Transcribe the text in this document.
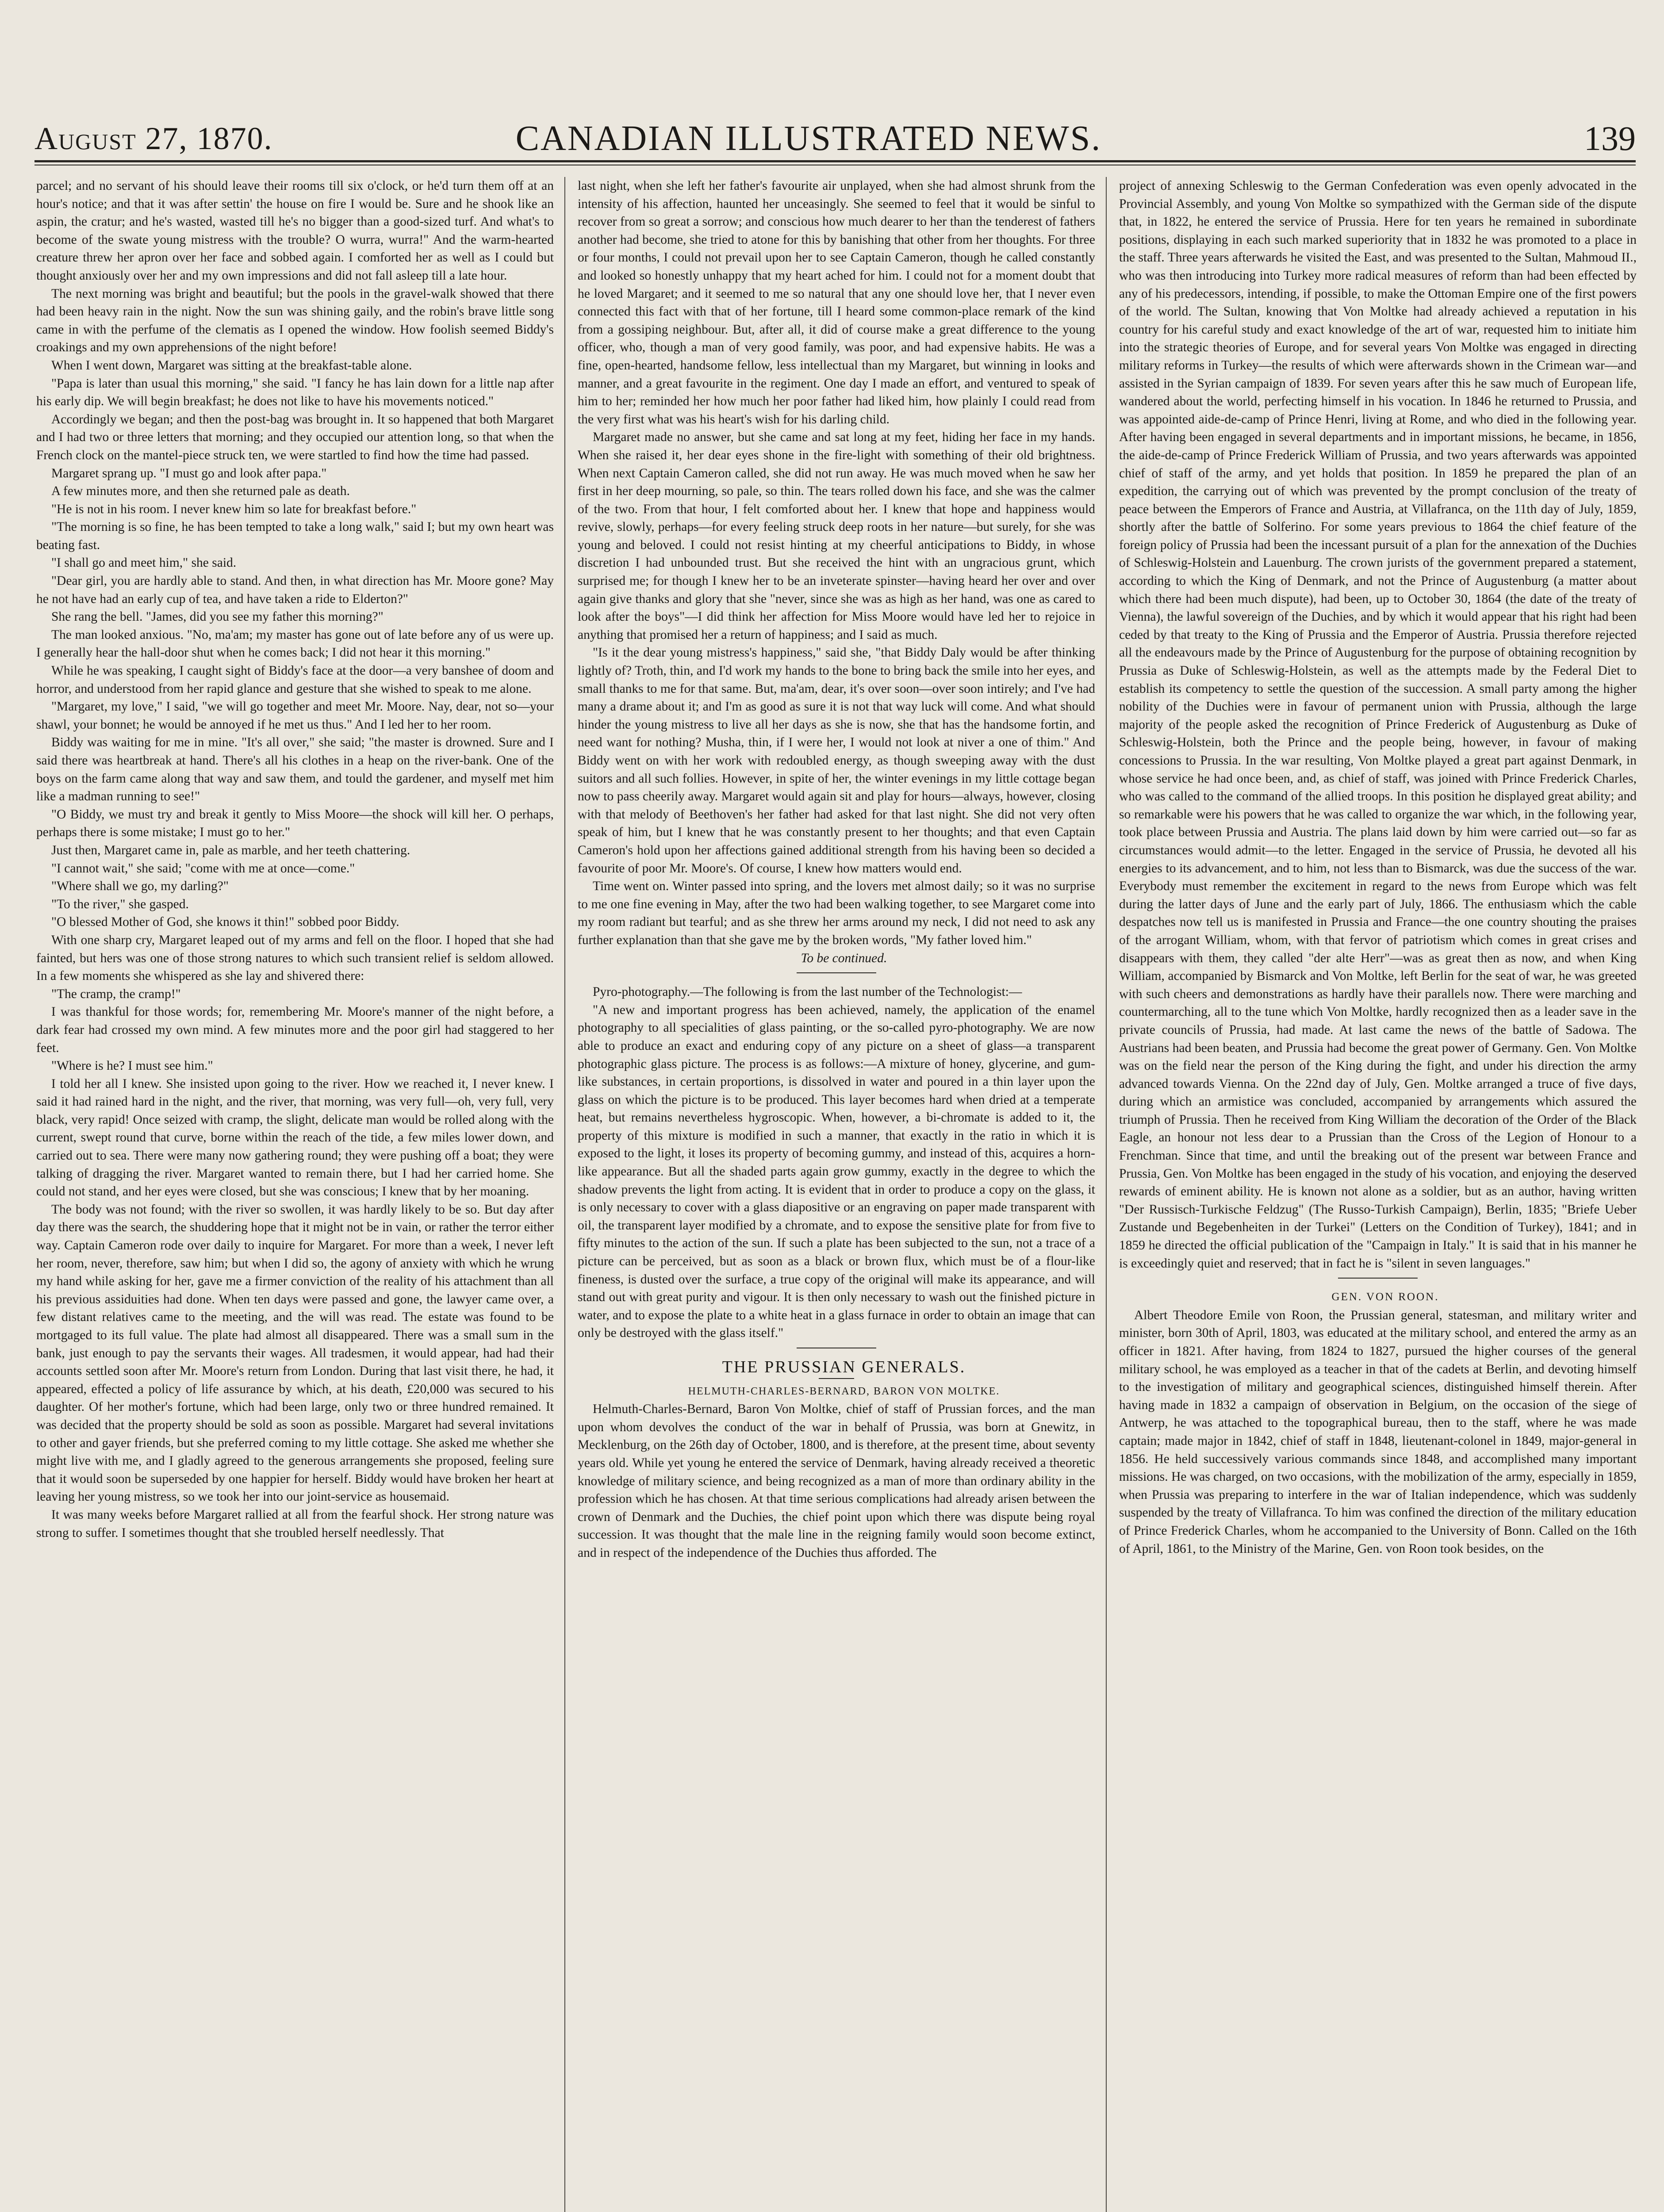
August 27, 1870.	CANADIAN ILLUSTRATED NEWS.	139

parcel; and no servant of his should leave their rooms till six o'clock, or he'd turn them off at an hour's notice; and that it was after settin' the house on fire I would be. Sure and he shook like an aspin, the cratur; and he's wasted, wasted till he's no bigger than a good-sized turf. And what's to become of the swate young mistress with the trouble? O wurra, wurra!" And the warm-hearted creature threw her apron over her face and sobbed again. I comforted her as well as I could but thought anxiously over her and my own impressions and did not fall asleep till a late hour.

The next morning was bright and beautiful; but the pools in the gravel-walk showed that there had been heavy rain in the night. Now the sun was shining gaily, and the robin's brave little song came in with the perfume of the clematis as I opened the window. How foolish seemed Biddy's croakings and my own apprehensions of the night before!

When I went down, Margaret was sitting at the breakfast-table alone.

"Papa is later than usual this morning," she said. "I fancy he has lain down for a little nap after his early dip. We will begin breakfast; he does not like to have his movements noticed."

Accordingly we began; and then the post-bag was brought in. It so happened that both Margaret and I had two or three letters that morning; and they occupied our attention long, so that when the French clock on the mantel-piece struck ten, we were startled to find how the time had passed.

Margaret sprang up. "I must go and look after papa."

A few minutes more, and then she returned pale as death.

"He is not in his room. I never knew him so late for breakfast before."

"The morning is so fine, he has been tempted to take a long walk," said I; but my own heart was beating fast.

"I shall go and meet him," she said.

"Dear girl, you are hardly able to stand. And then, in what direction has Mr. Moore gone? May he not have had an early cup of tea, and have taken a ride to Elderton?"

She rang the bell. "James, did you see my father this morning?"

The man looked anxious. "No, ma'am; my master has gone out of late before any of us were up. I generally hear the hall-door shut when he comes back; I did not hear it this morning."

While he was speaking, I caught sight of Biddy's face at the door—a very banshee of doom and horror, and understood from her rapid glance and gesture that she wished to speak to me alone.

"Margaret, my love," I said, "we will go together and meet Mr. Moore. Nay, dear, not so—your shawl, your bonnet; he would be annoyed if he met us thus." And I led her to her room.

Biddy was waiting for me in mine. "It's all over," she said; "the master is drowned. Sure and I said there was heartbreak at hand. There's all his clothes in a heap on the river-bank. One of the boys on the farm came along that way and saw them, and tould the gardener, and myself met him like a madman running to see!"

"O Biddy, we must try and break it gently to Miss Moore—the shock will kill her. O perhaps, perhaps there is some mistake; I must go to her."

Just then, Margaret came in, pale as marble, and her teeth chattering.

"I cannot wait," she said; "come with me at once—come."

"Where shall we go, my darling?"

"To the river," she gasped.

"O blessed Mother of God, she knows it thin!" sobbed poor Biddy.

With one sharp cry, Margaret leaped out of my arms and fell on the floor. I hoped that she had fainted, but hers was one of those strong natures to which such transient relief is seldom allowed. In a few moments she whispered as she lay and shivered there:

"The cramp, the cramp!"

I was thankful for those words; for, remembering Mr. Moore's manner of the night before, a dark fear had crossed my own mind. A few minutes more and the poor girl had staggered to her feet.

"Where is he? I must see him."

I told her all I knew. She insisted upon going to the river. How we reached it, I never knew. I said it had rained hard in the night, and the river, that morning, was very full—oh, very full, very black, very rapid! Once seized with cramp, the slight, delicate man would be rolled along with the current, swept round that curve, borne within the reach of the tide, a few miles lower down, and carried out to sea. There were many now gathering round; they were pushing off a boat; they were talking of dragging the river. Margaret wanted to remain there, but I had her carried home. She could not stand, and her eyes were closed, but she was conscious; I knew that by her moaning.

The body was not found; with the river so swollen, it was hardly likely to be so. But day after day there was the search, the shuddering hope that it might not be in vain, or rather the terror either way. Captain Cameron rode over daily to inquire for Margaret. For more than a week, I never left her room, never, therefore, saw him; but when I did so, the agony of anxiety with which he wrung my hand while asking for her, gave me a firmer conviction of the reality of his attachment than all his previous assiduities had done. When ten days were passed and gone, the lawyer came over, a few distant relatives came to the meeting, and the will was read. The estate was found to be mortgaged to its full value. The plate had almost all disappeared. There was a small sum in the bank, just enough to pay the servants their wages. All tradesmen, it would appear, had had their accounts settled soon after Mr. Moore's return from London. During that last visit there, he had, it appeared, effected a policy of life assurance by which, at his death, £20,000 was secured to his daughter. Of her mother's fortune, which had been large, only two or three hundred remained. It was decided that the property should be sold as soon as possible. Margaret had several invitations to other and gayer friends, but she preferred coming to my little cottage. She asked me whether she might live with me, and I gladly agreed to the generous arrangements she proposed, feeling sure that it would soon be superseded by one happier for herself. Biddy would have broken her heart at leaving her young mistress, so we took her into our joint-service as housemaid.

It was many weeks before Margaret rallied at all from the fearful shock. Her strong nature was strong to suffer. I sometimes thought that she troubled herself needlessly. That

last night, when she left her father's favourite air unplayed, when she had almost shrunk from the intensity of his affection, haunted her unceasingly. She seemed to feel that it would be sinful to recover from so great a sorrow; and conscious how much dearer to her than the tenderest of fathers another had become, she tried to atone for this by banishing that other from her thoughts. For three or four months, I could not prevail upon her to see Captain Cameron, though he called constantly and looked so honestly unhappy that my heart ached for him. I could not for a moment doubt that he loved Margaret; and it seemed to me so natural that any one should love her, that I never even connected this fact with that of her fortune, till I heard some common-place remark of the kind from a gossiping neighbour. But, after all, it did of course make a great difference to the young officer, who, though a man of very good family, was poor, and had expensive habits. He was a fine, open-hearted, handsome fellow, less intellectual than my Margaret, but winning in looks and manner, and a great favourite in the regiment. One day I made an effort, and ventured to speak of him to her; reminded her how much her poor father had liked him, how plainly I could read from the very first what was his heart's wish for his darling child.

Margaret made no answer, but she came and sat long at my feet, hiding her face in my hands. When she raised it, her dear eyes shone in the fire-light with something of their old brightness. When next Captain Cameron called, she did not run away. He was much moved when he saw her first in her deep mourning, so pale, so thin. The tears rolled down his face, and she was the calmer of the two. From that hour, I felt comforted about her. I knew that hope and happiness would revive, slowly, perhaps—for every feeling struck deep roots in her nature—but surely, for she was young and beloved. I could not resist hinting at my cheerful anticipations to Biddy, in whose discretion I had unbounded trust. But she received the hint with an ungracious grunt, which surprised me; for though I knew her to be an inveterate spinster—having heard her over and over again give thanks and glory that she "never, since she was as high as her hand, was one as cared to look after the boys"—I did think her affection for Miss Moore would have led her to rejoice in anything that promised her a return of happiness; and I said as much.

"Is it the dear young mistress's happiness," said she, "that Biddy Daly would be after thinking lightly of? Troth, thin, and I'd work my hands to the bone to bring back the smile into her eyes, and small thanks to me for that same. But, ma'am, dear, it's over soon—over soon intirely; and I've had many a drame about it; and I'm as good as sure it is not that way luck will come. And what should hinder the young mistress to live all her days as she is now, she that has the handsome fortin, and need want for nothing? Musha, thin, if I were her, I would not look at niver a one of thim." And Biddy went on with her work with redoubled energy, as though sweeping away with the dust suitors and all such follies. However, in spite of her, the winter evenings in my little cottage began now to pass cheerily away. Margaret would again sit and play for hours—always, however, closing with that melody of Beethoven's her father had asked for that last night. She did not very often speak of him, but I knew that he was constantly present to her thoughts; and that even Captain Cameron's hold upon her affections gained additional strength from his having been so decided a favourite of poor Mr. Moore's. Of course, I knew how matters would end.

Time went on. Winter passed into spring, and the lovers met almost daily; so it was no surprise to me one fine evening in May, after the two had been walking together, to see Margaret come into my room radiant but tearful; and as she threw her arms around my neck, I did not need to ask any further explanation than that she gave me by the broken words, "My father loved him."

To be continued.

Pyro-photography.—The following is from the last number of the Technologist:—

"A new and important progress has been achieved, namely, the application of the enamel photography to all specialities of glass painting, or the so-called pyro-photography. We are now able to produce an exact and enduring copy of any picture on a sheet of glass—a transparent photographic glass picture. The process is as follows:—A mixture of honey, glycerine, and gum-like substances, in certain proportions, is dissolved in water and poured in a thin layer upon the glass on which the picture is to be produced. This layer becomes hard when dried at a temperate heat, but remains nevertheless hygroscopic. When, however, a bi-chromate is added to it, the property of this mixture is modified in such a manner, that exactly in the ratio in which it is exposed to the light, it loses its property of becoming gummy, and instead of this, acquires a horn-like appearance. But all the shaded parts again grow gummy, exactly in the degree to which the shadow prevents the light from acting. It is evident that in order to produce a copy on the glass, it is only necessary to cover with a glass diapositive or an engraving on paper made transparent with oil, the transparent layer modified by a chromate, and to expose the sensitive plate for from five to fifty minutes to the action of the sun. If such a plate has been subjected to the sun, not a trace of a picture can be perceived, but as soon as a black or brown flux, which must be of a flour-like fineness, is dusted over the surface, a true copy of the original will make its appearance, and will stand out with great purity and vigour. It is then only necessary to wash out the finished picture in water, and to expose the plate to a white heat in a glass furnace in order to obtain an image that can only be destroyed with the glass itself."

THE PRUSSIAN GENERALS.

HELMUTH-CHARLES-BERNARD, BARON VON MOLTKE.

Helmuth-Charles-Bernard, Baron Von Moltke, chief of staff of Prussian forces, and the man upon whom devolves the conduct of the war in behalf of Prussia, was born at Gnewitz, in Mecklenburg, on the 26th day of October, 1800, and is therefore, at the present time, about seventy years old. While yet young he entered the service of Denmark, having already received a theoretic knowledge of military science, and being recognized as a man of more than ordinary ability in the profession which he has chosen. At that time serious complications had already arisen between the crown of Denmark and the Duchies, the chief point upon which there was dispute being royal succession. It was thought that the male line in the reigning family would soon become extinct, and in respect of the independence of the Duchies thus afforded. The

project of annexing Schleswig to the German Confederation was even openly advocated in the Provincial Assembly, and young Von Moltke so sympathized with the German side of the dispute that, in 1822, he entered the service of Prussia. Here for ten years he remained in subordinate positions, displaying in each such marked superiority that in 1832 he was promoted to a place in the staff. Three years afterwards he visited the East, and was presented to the Sultan, Mahmoud II., who was then introducing into Turkey more radical measures of reform than had been effected by any of his predecessors, intending, if possible, to make the Ottoman Empire one of the first powers of the world. The Sultan, knowing that Von Moltke had already achieved a reputation in his country for his careful study and exact knowledge of the art of war, requested him to initiate him into the strategic theories of Europe, and for several years Von Moltke was engaged in directing military reforms in Turkey—the results of which were afterwards shown in the Crimean war—and assisted in the Syrian campaign of 1839. For seven years after this he saw much of European life, wandered about the world, perfecting himself in his vocation. In 1846 he returned to Prussia, and was appointed aide-de-camp of Prince Henri, living at Rome, and who died in the following year. After having been engaged in several departments and in important missions, he became, in 1856, the aide-de-camp of Prince Frederick William of Prussia, and two years afterwards was appointed chief of staff of the army, and yet holds that position. In 1859 he prepared the plan of an expedition, the carrying out of which was prevented by the prompt conclusion of the treaty of peace between the Emperors of France and Austria, at Villafranca, on the 11th day of July, 1859, shortly after the battle of Solferino. For some years previous to 1864 the chief feature of the foreign policy of Prussia had been the incessant pursuit of a plan for the annexation of the Duchies of Schleswig-Holstein and Lauenburg. The crown jurists of the government prepared a statement, according to which the King of Denmark, and not the Prince of Augustenburg (a matter about which there had been much dispute), had been, up to October 30, 1864 (the date of the treaty of Vienna), the lawful sovereign of the Duchies, and by which it would appear that his right had been ceded by that treaty to the King of Prussia and the Emperor of Austria. Prussia therefore rejected all the endeavours made by the Prince of Augustenburg for the purpose of obtaining recognition by Prussia as Duke of Schleswig-Holstein, as well as the attempts made by the Federal Diet to establish its competency to settle the question of the succession. A small party among the higher nobility of the Duchies were in favour of permanent union with Prussia, although the large majority of the people asked the recognition of Prince Frederick of Augustenburg as Duke of Schleswig-Holstein, both the Prince and the people being, however, in favour of making concessions to Prussia. In the war resulting, Von Moltke played a great part against Denmark, in whose service he had once been, and, as chief of staff, was joined with Prince Frederick Charles, who was called to the command of the allied troops. In this position he displayed great ability; and so remarkable were his powers that he was called to organize the war which, in the following year, took place between Prussia and Austria. The plans laid down by him were carried out—so far as circumstances would admit—to the letter. Engaged in the service of Prussia, he devoted all his energies to its advancement, and to him, not less than to Bismarck, was due the success of the war. Everybody must remember the excitement in regard to the news from Europe which was felt during the latter days of June and the early part of July, 1866. The enthusiasm which the cable despatches now tell us is manifested in Prussia and France—the one country shouting the praises of the arrogant William, whom, with that fervor of patriotism which comes in great crises and disappears with them, they called "der alte Herr"—was as great then as now, and when King William, accompanied by Bismarck and Von Moltke, left Berlin for the seat of war, he was greeted with such cheers and demonstrations as hardly have their parallels now. There were marching and countermarching, all to the tune which Von Moltke, hardly recognized then as a leader save in the private councils of Prussia, had made. At last came the news of the battle of Sadowa. The Austrians had been beaten, and Prussia had become the great power of Germany. Gen. Von Moltke was on the field near the person of the King during the fight, and under his direction the army advanced towards Vienna. On the 22nd day of July, Gen. Moltke arranged a truce of five days, during which an armistice was concluded, accompanied by arrangements which assured the triumph of Prussia. Then he received from King William the decoration of the Order of the Black Eagle, an honour not less dear to a Prussian than the Cross of the Legion of Honour to a Frenchman. Since that time, and until the breaking out of the present war between France and Prussia, Gen. Von Moltke has been engaged in the study of his vocation, and enjoying the deserved rewards of eminent ability. He is known not alone as a soldier, but as an author, having written "Der Russisch-Turkische Feldzug" (The Russo-Turkish Campaign), Berlin, 1835; "Briefe Ueber Zustande und Begebenheiten in der Turkei" (Letters on the Condition of Turkey), 1841; and in 1859 he directed the official publication of the "Campaign in Italy." It is said that in his manner he is exceedingly quiet and reserved; that in fact he is "silent in seven languages."

GEN. VON ROON.

Albert Theodore Emile von Roon, the Prussian general, statesman, and military writer and minister, born 30th of April, 1803, was educated at the military school, and entered the army as an officer in 1821. After having, from 1824 to 1827, pursued the higher courses of the general military school, he was employed as a teacher in that of the cadets at Berlin, and devoting himself to the investigation of military and geographical sciences, distinguished himself therein. After having made in 1832 a campaign of observation in Belgium, on the occasion of the siege of Antwerp, he was attached to the topographical bureau, then to the staff, where he was made captain; made major in 1842, chief of staff in 1848, lieutenant-colonel in 1849, major-general in 1856. He held successively various commands since 1848, and accomplished many important missions. He was charged, on two occasions, with the mobilization of the army, especially in 1859, when Prussia was preparing to interfere in the war of Italian independence, which was suddenly suspended by the treaty of Villafranca. To him was confined the direction of the military education of Prince Frederick Charles, whom he accompanied to the University of Bonn. Called on the 16th of April, 1861, to the Ministry of the Marine, Gen. von Roon took besides, on the
